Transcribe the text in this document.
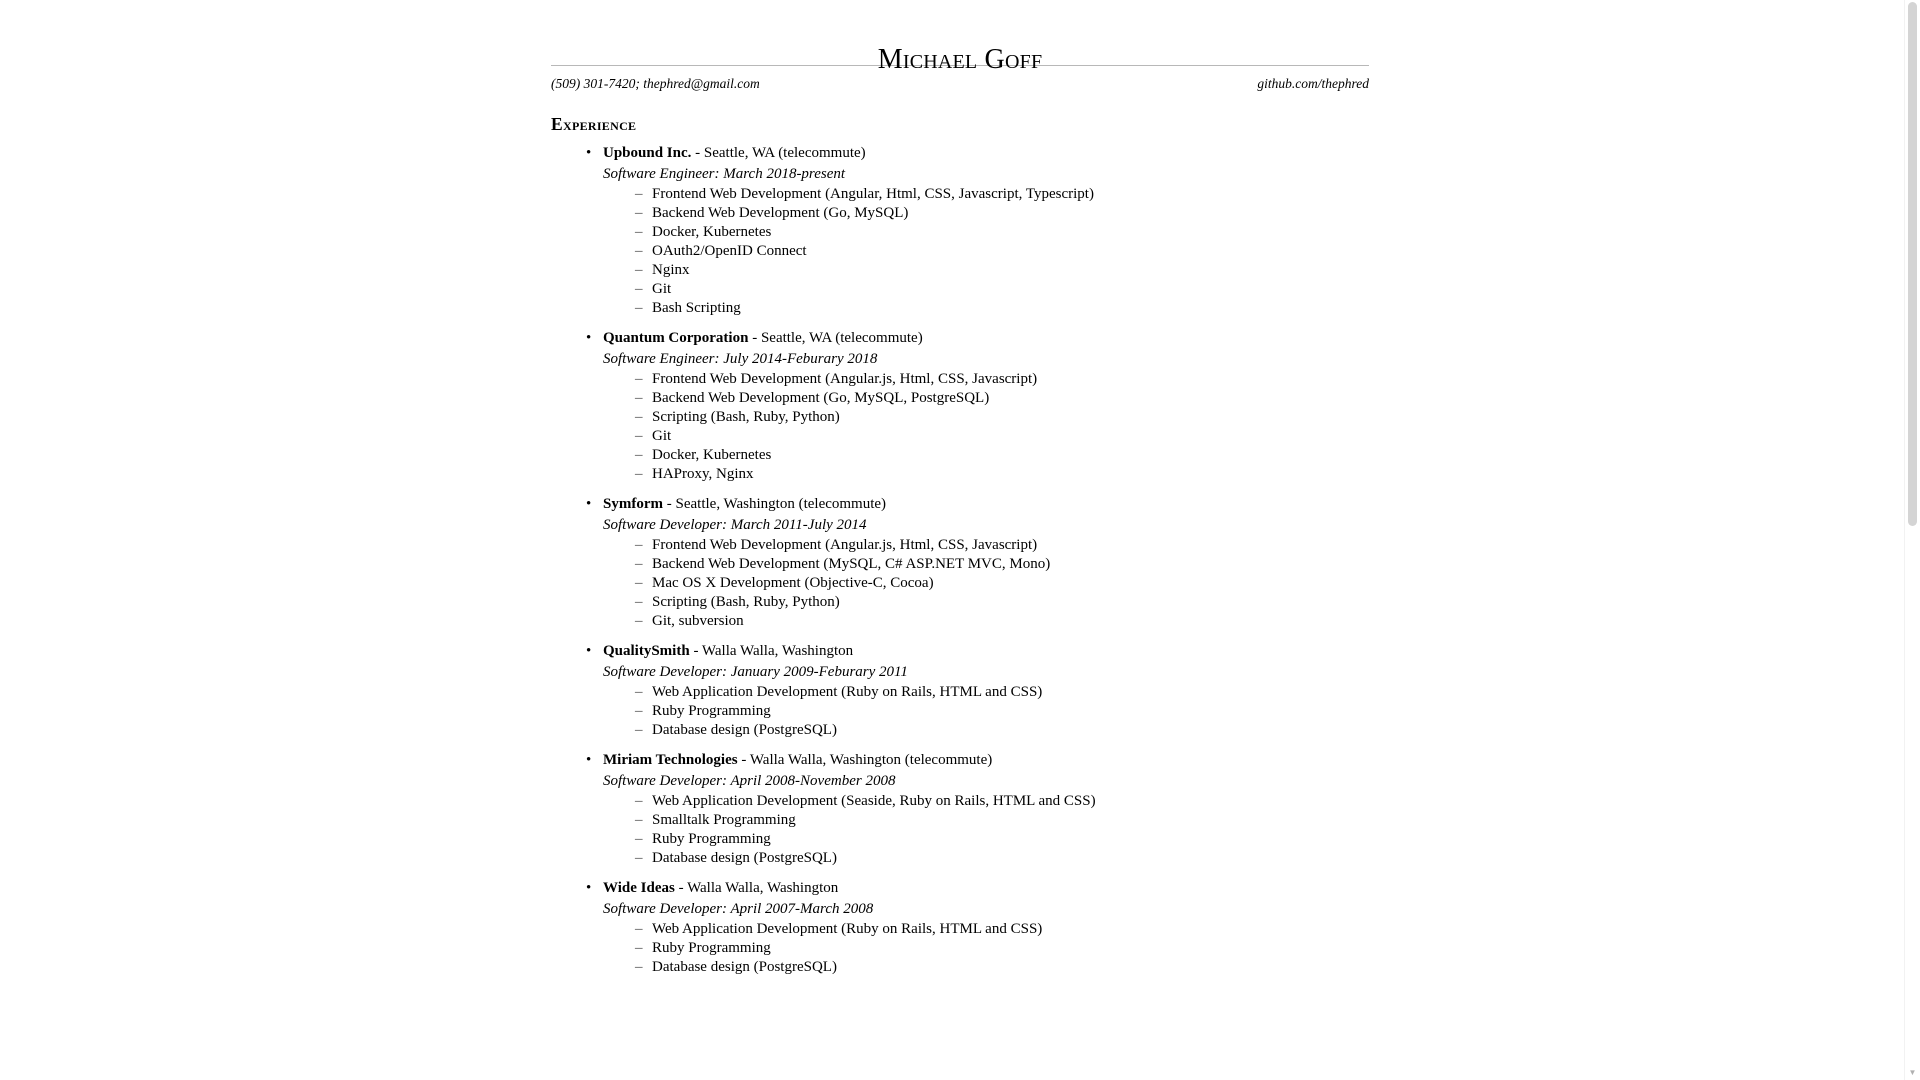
Michael Goff
(509) 301-7420; thephred@gmail.com	github.com/thephred
Experience
• Upbound Inc. - Seattle, WA (telecommute)
Software Engineer: March 2018-present
– Frontend Web Development (Angular, Html, CSS, Javascript, Typescript)
– Backend Web Development (Go, MySQL)
– Docker, Kubernetes
– OAuth2/OpenID Connect
– Nginx
– Git
– Bash Scripting
• Quantum Corporation - Seattle, WA (telecommute)
Software Engineer: July 2014-Feburary 2018
– Frontend Web Development (Angular.js, Html, CSS, Javascript)
– Backend Web Development (Go, MySQL, PostgreSQL)
– Scripting (Bash, Ruby, Python)
– Git
– Docker, Kubernetes
– HAProxy, Nginx
• Symform - Seattle, Washington (telecommute)
Software Developer: March 2011-July 2014
– Frontend Web Development (Angular.js, Html, CSS, Javascript)
– Backend Web Development (MySQL, C# ASP.NET MVC, Mono)
– Mac OS X Development (Objective-C, Cocoa)
– Scripting (Bash, Ruby, Python)
– Git, subversion
• QualitySmith - Walla Walla, Washington
Software Developer: January 2009-Feburary 2011
– Web Application Development (Ruby on Rails, HTML and CSS)
– Ruby Programming
– Database design (PostgreSQL)
• Miriam Technologies - Walla Walla, Washington (telecommute)
Software Developer: April 2008-November 2008
– Web Application Development (Seaside, Ruby on Rails, HTML and CSS)
– Smalltalk Programming
– Ruby Programming
– Database design (PostgreSQL)
• Wide Ideas - Walla Walla, Washington
Software Developer: April 2007-March 2008
– Web Application Development (Ruby on Rails, HTML and CSS)
– Ruby Programming
– Database design (PostgreSQL)
▼
